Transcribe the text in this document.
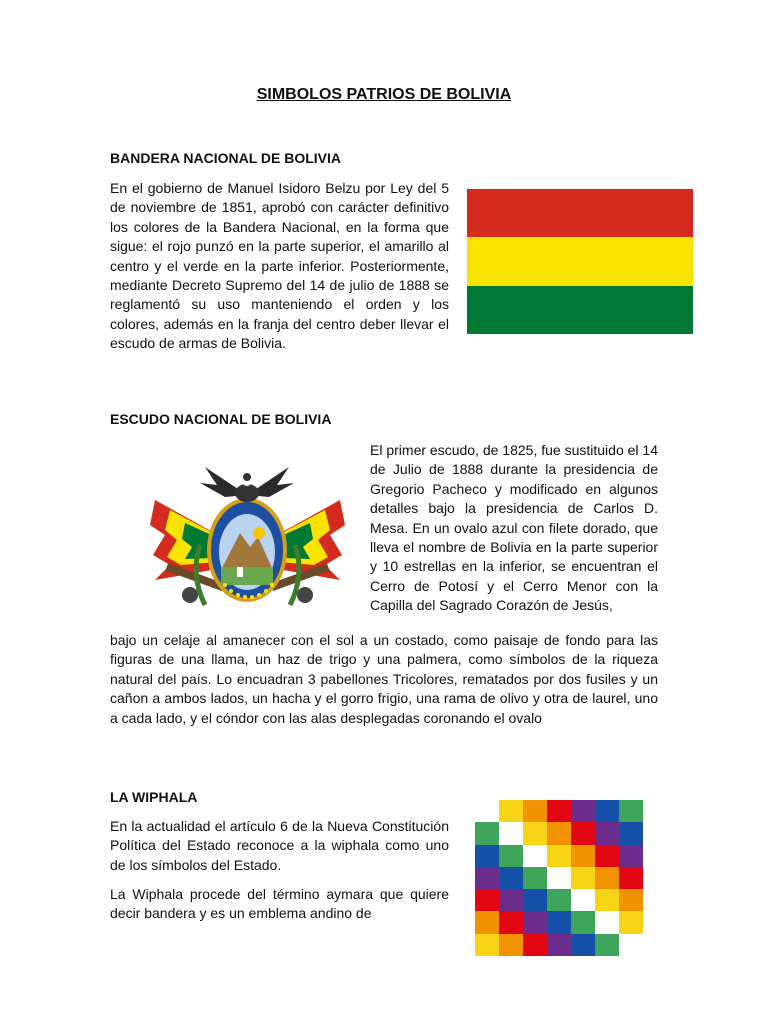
SIMBOLOS PATRIOS DE BOLIVIA
BANDERA NACIONAL DE BOLIVIA
En el gobierno de Manuel Isidoro Belzu por Ley del 5 de noviembre de 1851, aprobó con carácter definitivo los colores de la Bandera Nacional, en la forma que sigue: el rojo punzó en la parte superior, el amarillo al centro y el verde en la parte inferior. Posteriormente, mediante Decreto Supremo del 14 de julio de 1888 se reglamentó su uso manteniendo el orden y los colores, además en la franja del centro deber llevar el escudo de armas de Bolivia.
ESCUDO NACIONAL DE BOLIVIA
El primer escudo, de 1825, fue sustituido el 14 de Julio de 1888 durante la presidencia de Gregorio Pacheco y modificado en algunos detalles bajo la presidencia de Carlos D. Mesa. En un ovalo azul con filete dorado, que lleva el nombre de Bolivia en la parte superior y 10 estrellas en la inferior, se encuentran el Cerro de Potosí y el Cerro Menor con la Capilla del Sagrado Corazón de Jesús,
bajo un celaje al amanecer con el sol a un costado, como paisaje de fondo para las figuras de una llama, un haz de trigo y una palmera, como símbolos de la riqueza natural del país. Lo encuadran 3 pabellones Tricolores, rematados por dos fusiles y un cañon a ambos lados, un hacha y el gorro frigio, una rama de olivo y otra de laurel, uno a cada lado, y el cóndor con las alas desplegadas coronando el ovalo
LA WIPHALA
En la actualidad el artículo 6 de la Nueva Constitución Política del Estado reconoce a la wiphala como uno de los símbolos del Estado.
La Wiphala procede del término aymara que quiere decir bandera y es un emblema andino de
